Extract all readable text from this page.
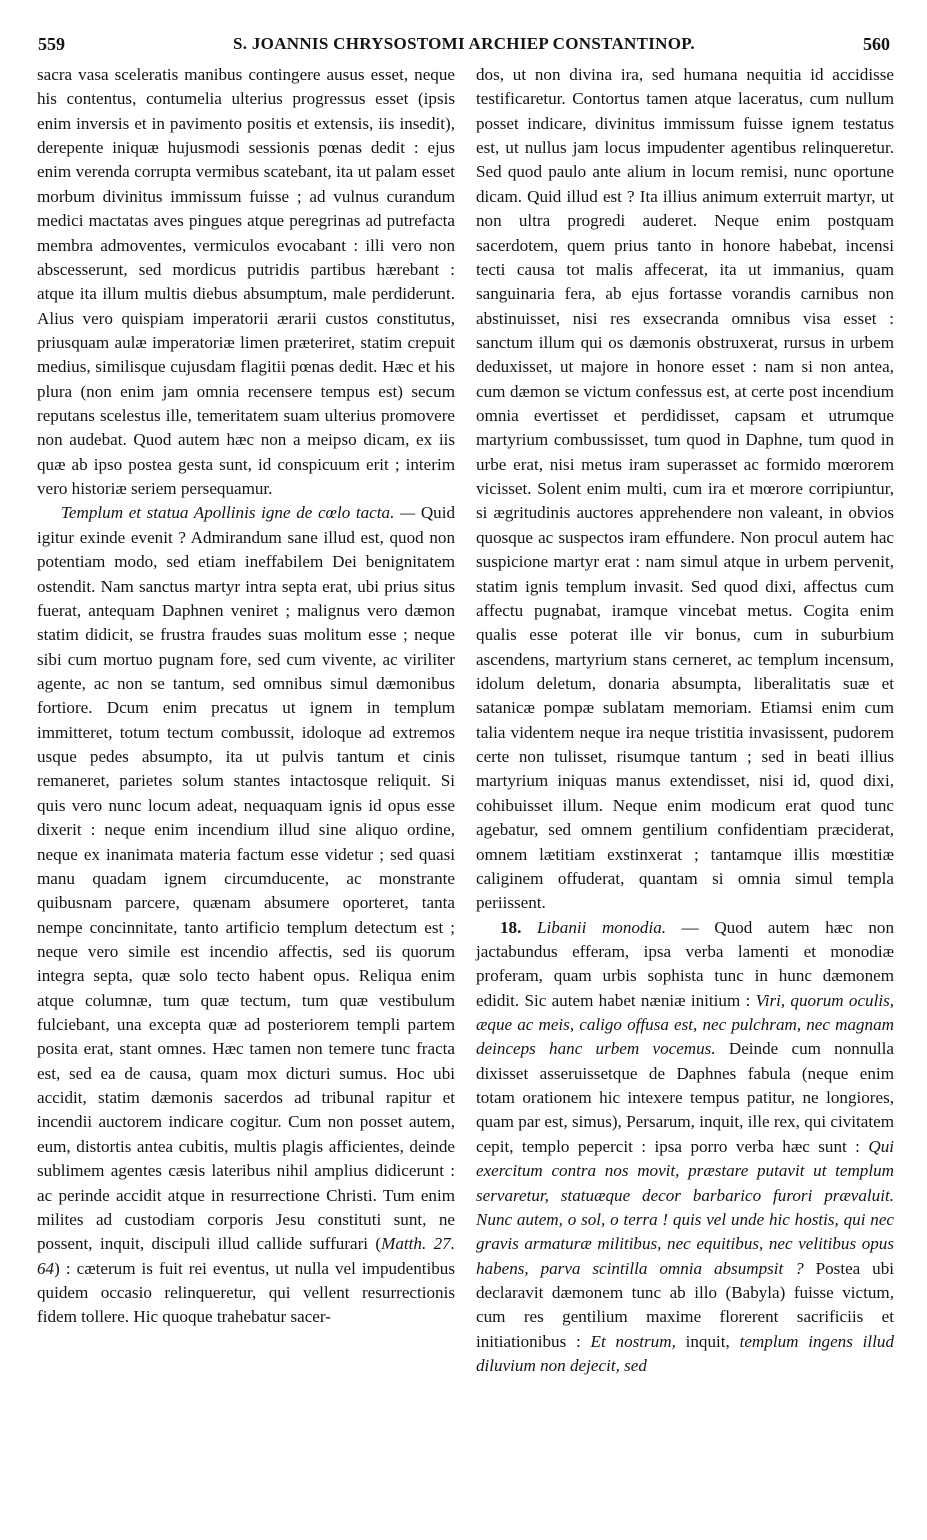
559	S. JOANNIS CHRYSOSTOMI ARCHIEP CONSTANTINOP.	560

sacra vasa sceleratis manibus contingere ausus esset, neque his contentus, contumelia ulterius progressus esset (ipsis enim inversis et in pavimento positis et extensis, iis insedit), derepente iniquæ hujusmodi sessionis pœnas dedit : ejus enim verenda corrupta vermibus scatebant, ita ut palam esset morbum divinitus immissum fuisse ; ad vulnus curandum medici mactatas aves pingues atque peregrinas ad putrefacta membra admoventes, vermiculos evocabant : illi vero non abscesserunt, sed mordicus putridis partibus hærebant : atque ita illum multis diebus absumptum, male perdiderunt. Alius vero quispiam imperatorii ærarii custos constitutus, priusquam aulæ imperatoriæ limen præteriret, statim crepuit medius, similisque cujusdam flagitii pœnas dedit. Hæc et his plura (non enim jam omnia recensere tempus est) secum reputans scelestus ille, temeritatem suam ulterius promovere non audebat. Quod autem hæc non a meipso dicam, ex iis quæ ab ipso postea gesta sunt, id conspicuum erit ; interim vero historiæ seriem persequamur.

Templum et statua Apollinis igne de cœlo tacta. — Quid igitur exinde evenit ? Admirandum sane illud est, quod non potentiam modo, sed etiam ineffabilem Dei benignitatem ostendit. Nam sanctus martyr intra septa erat, ubi prius situs fuerat, antequam Daphnen veniret ; malignus vero dæmon statim didicit, se frustra fraudes suas molitum esse ; neque sibi cum mortuo pugnam fore, sed cum vivente, ac viriliter agente, ac non se tantum, sed omnibus simul dæmonibus fortiore. Dcum enim precatus ut ignem in templum immitteret, totum tectum combussit, idoloque ad extremos usque pedes absumpto, ita ut pulvis tantum et cinis remaneret, parietes solum stantes intactosque reliquit. Si quis vero nunc locum adeat, nequaquam ignis id opus esse dixerit : neque enim incendium illud sine aliquo ordine, neque ex inanimata materia factum esse videtur ; sed quasi manu quadam ignem circumducente, ac monstrante quibusnam parcere, quænam absumere oporteret, tanta nempe concinnitate, tanto artificio templum detectum est ; neque vero simile est incendio affectis, sed iis quorum integra septa, quæ solo tecto habent opus. Reliqua enim atque columnæ, tum quæ tectum, tum quæ vestibulum fulciebant, una excepta quæ ad posteriorem templi partem posita erat, stant omnes. Hæc tamen non temere tunc fracta est, sed ea de causa, quam mox dicturi sumus. Hoc ubi accidit, statim dæmonis sacerdos ad tribunal rapitur et incendii auctorem indicare cogitur. Cum non posset autem, eum, distortis antea cubitis, multis plagis afficientes, deinde sublimem agentes cæsis lateribus nihil amplius didicerunt : ac perinde accidit atque in resurrectione Christi. Tum enim milites ad custodiam corporis Jesu constituti sunt, ne possent, inquit, discipuli illud callide suffurari (Matth. 27. 64) : cæterum is fuit rei eventus, ut nulla vel impudentibus quidem occasio relinqueretur, qui vellent resurrectionis fidem tollere. Hic quoque trahebatur sacer-

dos, ut non divina ira, sed humana nequitia id accidisse testificaretur. Contortus tamen atque laceratus, cum nullum posset indicare, divinitus immissum fuisse ignem testatus est, ut nullus jam locus impudenter agentibus relinqueretur. Sed quod paulo ante alium in locum remisi, nunc oportune dicam. Quid illud est ? Ita illius animum exterruit martyr, ut non ultra progredi auderet. Neque enim postquam sacerdotem, quem prius tanto in honore habebat, incensi tecti causa tot malis affecerat, ita ut immanius, quam sanguinaria fera, ab ejus fortasse vorandis carnibus non abstinuisset, nisi res exsecranda omnibus visa esset : sanctum illum qui os dæmonis obstruxerat, rursus in urbem deduxisset, ut majore in honore esset : nam si non antea, cum dæmon se victum confessus est, at certe post incendium omnia evertisset et perdidisset, capsam et utrumque martyrium combussisset, tum quod in Daphne, tum quod in urbe erat, nisi metus iram superasset ac formido mœrorem vicisset. Solent enim multi, cum ira et mœrore corripiuntur, si ægritudinis auctores apprehendere non valeant, in obvios quosque ac suspectos iram effundere. Non procul autem hac suspicione martyr erat : nam simul atque in urbem pervenit, statim ignis templum invasit. Sed quod dixi, affectus cum affectu pugnabat, iramque vincebat metus. Cogita enim qualis esse poterat ille vir bonus, cum in suburbium ascendens, martyrium stans cerneret, ac templum incensum, idolum deletum, donaria absumpta, liberalitatis suæ et satanicæ pompæ sublatam memoriam. Etiamsi enim cum talia videntem neque ira neque tristitia invasissent, pudorem certe non tulisset, risumque tantum ; sed in beati illius martyrium iniquas manus extendisset, nisi id, quod dixi, cohibuisset illum. Neque enim modicum erat quod tunc agebatur, sed omnem gentilium confidentiam præciderat, omnem lætitiam exstinxerat ; tantamque illis mœstitiæ caliginem offuderat, quantam si omnia simul templa periissent.

18. Libanii monodia. — Quod autem hæc non jactabundus efferam, ipsa verba lamenti et monodiæ proferam, quam urbis sophista tunc in hunc dæmonem edidit. Sic autem habet næniæ initium : Viri, quorum oculis, æque ac meis, caligo offusa est, nec pulchram, nec magnam deinceps hanc urbem vocemus. Deinde cum nonnulla dixisset asseruissetque de Daphnes fabula (neque enim totam orationem hic intexere tempus patitur, ne longiores, quam par est, simus), Persarum, inquit, ille rex, qui civitatem cepit, templo pepercit : ipsa porro verba hæc sunt : Qui exercitum contra nos movit, præstare putavit ut templum servaretur, statuæque decor barbarico furori prævaluit. Nunc autem, o sol, o terra ! quis vel unde hic hostis, qui nec gravis armaturæ militibus, nec equitibus, nec velitibus opus habens, parva scintilla omnia absumpsit ? Postea ubi declaravit dæmonem tunc ab illo (Babyla) fuisse victum, cum res gentilium maxime florerent sacrificiis et initiationibus : Et nostrum, inquit, templum ingens illud diluvium non dejecit, sed
